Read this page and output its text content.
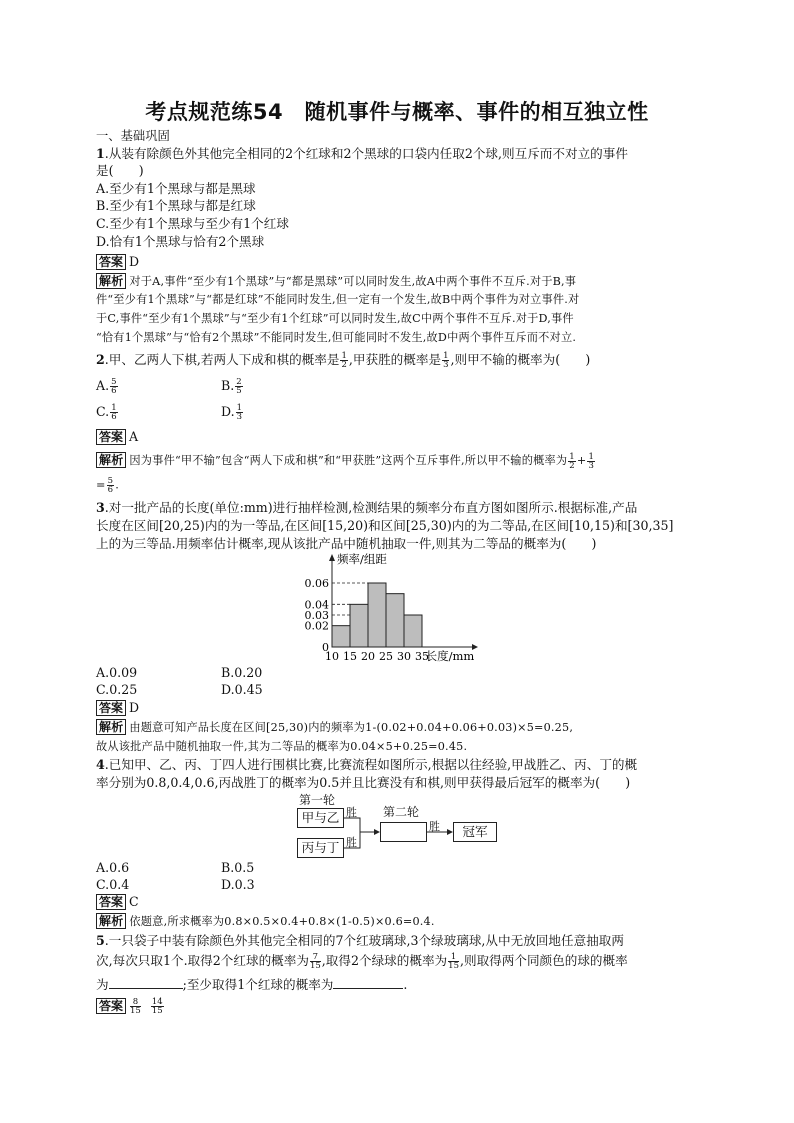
考点规范练54　随机事件与概率、事件的相互独立性
一、基础巩固
1.从装有除颜色外其他完全相同的2个红球和2个黑球的口袋内任取2个球,则互斥而不对立的事件
是(　　)
A.至少有1个黑球与都是黑球
B.至少有1个黑球与都是红球
C.至少有1个黑球与至少有1个红球
D.恰有1个黑球与恰有2个黑球
答案 D
解析 对于A,事件“至少有1个黑球”与“都是黑球”可以同时发生,故A中两个事件不互斥.对于B,事
件“至少有1个黑球”与“都是红球”不能同时发生,但一定有一个发生,故B中两个事件为对立事件.对
于C,事件“至少有1个黑球”与“至少有1个红球”可以同时发生,故C中两个事件不互斥.对于D,事件
“恰有1个黑球”与“恰有2个黑球”不能同时发生,但可能同时不发生,故D中两个事件互斥而不对立.
2.甲、乙两人下棋,若两人下成和棋的概率是 $\frac{1}{2}$ ,甲获胜的概率是 $\frac{1}{3}$ ,则甲不输的概率为(　　)
A. $\frac{5}{6}$	B. $\frac{2}{5}$
C. $\frac{1}{6}$	D. $\frac{1}{3}$
答案 A
解析 因为事件“甲不输”包含“两人下成和棋”和“甲获胜”这两个互斥事件,所以甲不输的概率为 $\frac{1}{2} + \frac{1}{3}$
= $\frac{5}{6}$ .
3.对一批产品的长度(单位:mm)进行抽样检测,检测结果的频率分布直方图如图所示.根据标准,产品
长度在区间[20,25)内的为一等品,在区间[15,20)和区间[25,30)内的为二等品,在区间[10,15)和[30,35]
上的为三等品.用频率估计概率,现从该批产品中随机抽取一件,则其为二等品的概率为(　　)
0
0.02
0.03
0.04
0.06
10 15 20 25 30 35
频率/组距
长度/mm
A.0.09	B.0.20
C.0.25	D.0.45
答案 D
解析 由题意可知产品长度在区间[25,30)内的频率为1-(0.02+0.04+0.06+0.03)×5=0.25,
故从该批产品中随机抽取一件,其为二等品的概率为0.04×5+0.25=0.45.
4.已知甲、乙、丙、丁四人进行围棋比赛,比赛流程如图所示,根据以往经验,甲战胜乙、丙、丁的概
率分别为0.8,0.4,0.6,丙战胜丁的概率为0.5并且比赛没有和棋,则甲获得最后冠军的概率为(　　)
第一轮
甲与乙
丙与丁
胜
胜
第二轮
胜	冠军
A.0.6	B.0.5
C.0.4	D.0.3
答案 C
解析 依题意,所求概率为0.8×0.5×0.4+0.8×(1-0.5)×0.6=0.4.
5.一只袋子中装有除颜色外其他完全相同的7个红玻璃球,3个绿玻璃球,从中无放回地任意抽取两
次,每次只取1个.取得2个红球的概率为 $\frac{7}{15}$ ,取得2个绿球的概率为 $\frac{1}{15}$ ,则取得两个同颜色的球的概率
为	;至少取得1个红球的概率为	.
答案 $\frac{8}{15}$
$\frac{14}{15}$
